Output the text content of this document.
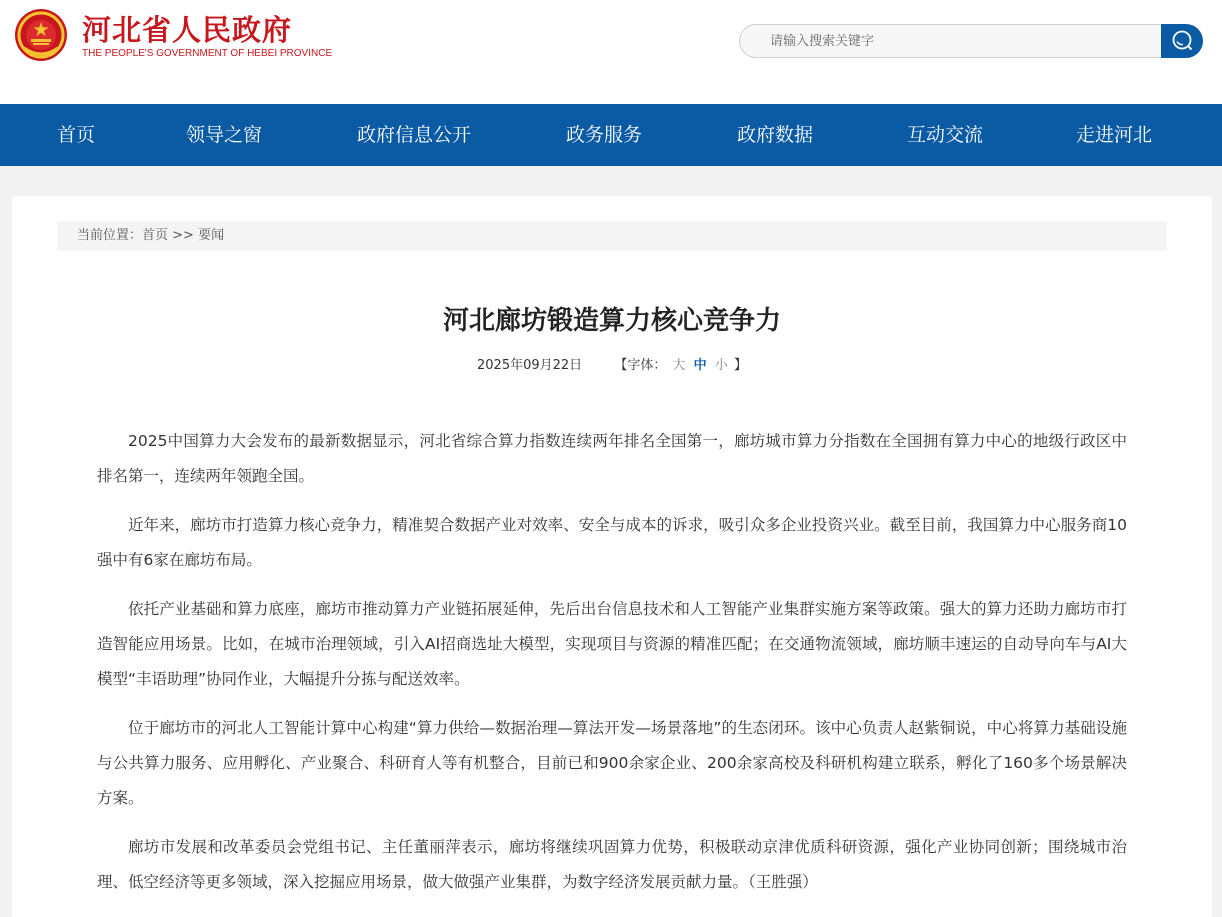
河北省人民政府
THE PEOPLE'S GOVERNMENT OF HEBEI PROVINCE
请输入搜索关键字
首页	领导之窗	政府信息公开	政务服务	政府数据	互动交流	走进河北
当前位置：首页 >> 要闻
河北廊坊锻造算力核心竞争力
2025年09月22日 【字体： 大 中 小 】

2025中国算力大会发布的最新数据显示，河北省综合算力指数连续两年排名全国第一，廊坊城市算力分指数在全国拥有算力中心的地级行政区中排名第一，连续两年领跑全国。

近年来，廊坊市打造算力核心竞争力，精准契合数据产业对效率、安全与成本的诉求，吸引众多企业投资兴业。截至目前，我国算力中心服务商10强中有6家在廊坊布局。

依托产业基础和算力底座，廊坊市推动算力产业链拓展延伸，先后出台信息技术和人工智能产业集群实施方案等政策。强大的算力还助力廊坊市打造智能应用场景。比如，在城市治理领域，引入AI招商选址大模型，实现项目与资源的精准匹配；在交通物流领域，廊坊顺丰速运的自动导向车与AI大模型“丰语助理”协同作业，大幅提升分拣与配送效率。

位于廊坊市的河北人工智能计算中心构建“算力供给—数据治理—算法开发—场景落地”的生态闭环。该中心负责人赵紫铜说，中心将算力基础设施与公共算力服务、应用孵化、产业聚合、科研育人等有机整合，目前已和900余家企业、200余家高校及科研机构建立联系，孵化了160多个场景解决方案。

廊坊市发展和改革委员会党组书记、主任董丽萍表示，廊坊将继续巩固算力优势，积极联动京津优质科研资源，强化产业协同创新；围绕城市治理、低空经济等更多领域，深入挖掘应用场景，做大做强产业集群，为数字经济发展贡献力量。（王胜强）
